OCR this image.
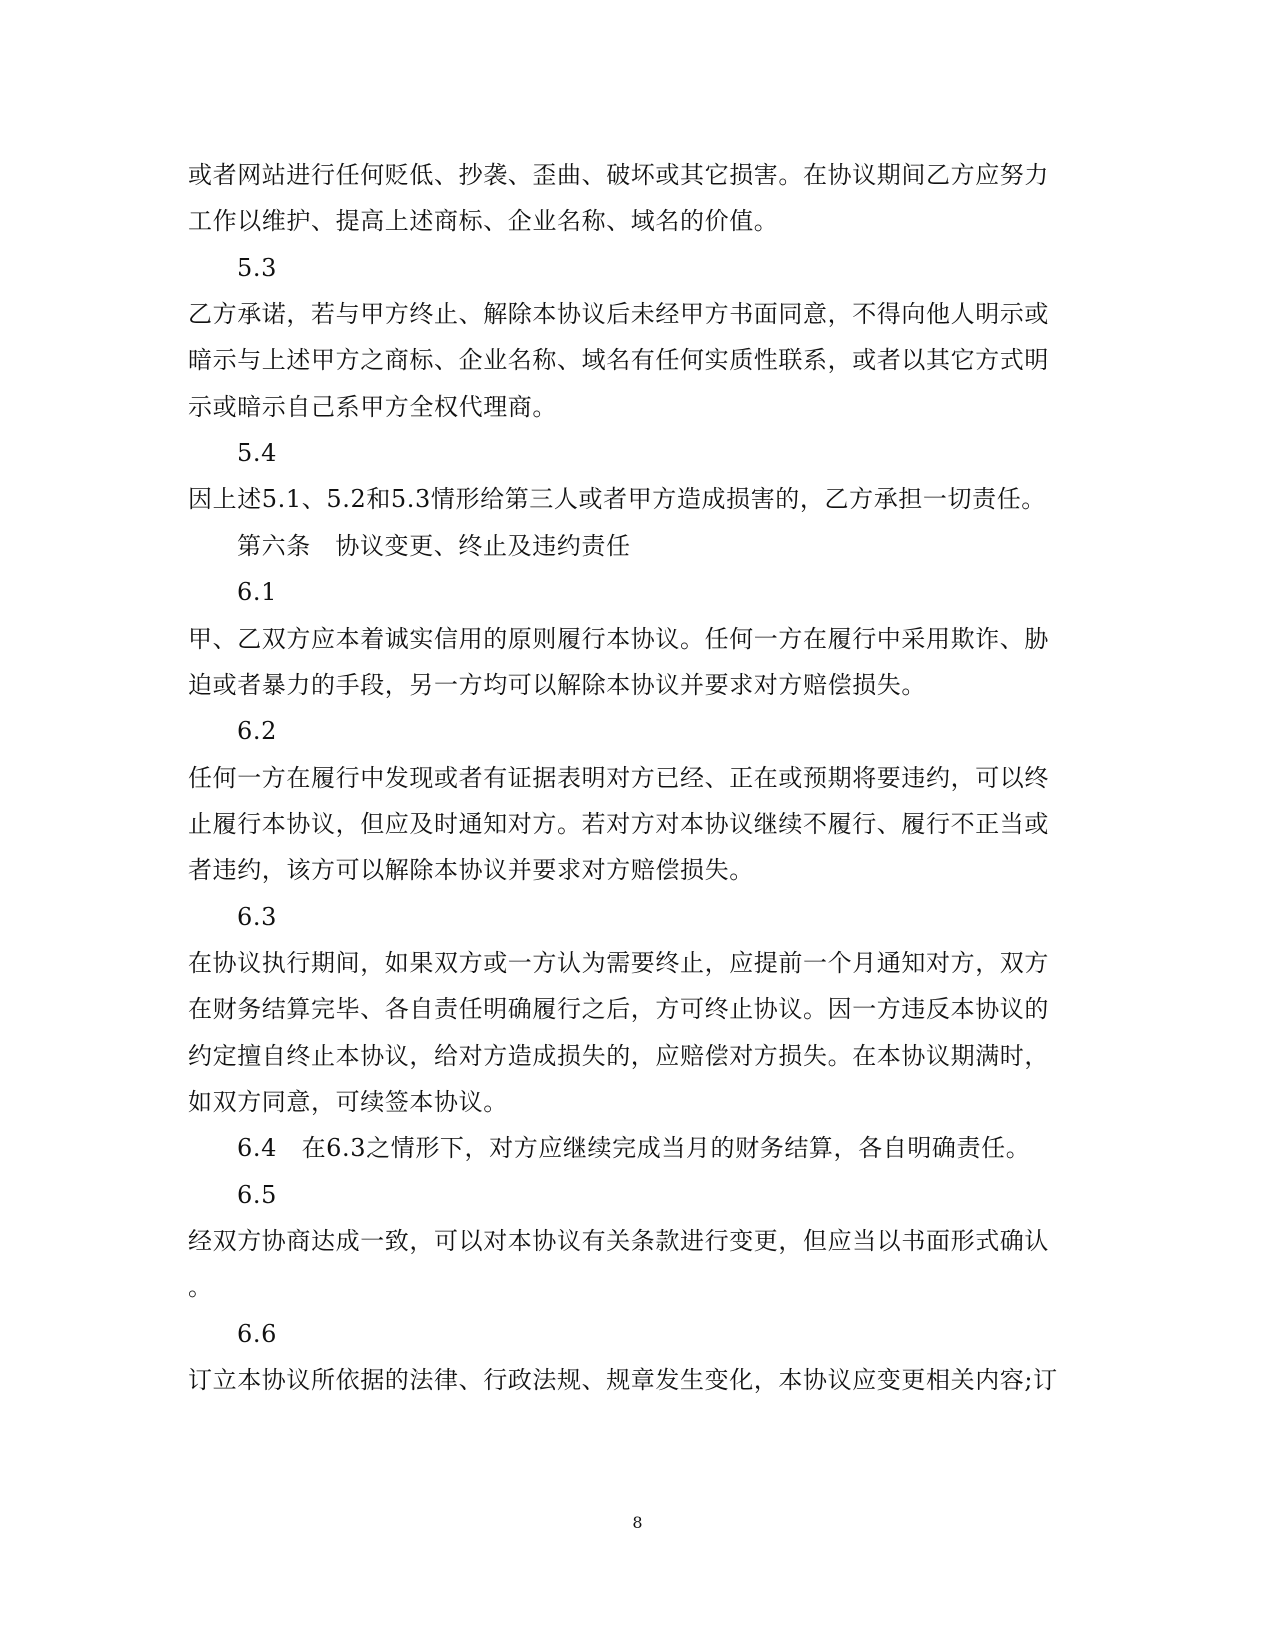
或者网站进行任何贬低、抄袭、歪曲、破坏或其它损害。在协议期间乙方应努力
工作以维护、提高上述商标、企业名称、域名的价值。
5.3
乙方承诺，若与甲方终止、解除本协议后未经甲方书面同意，不得向他人明示或
暗示与上述甲方之商标、企业名称、域名有任何实质性联系，或者以其它方式明
示或暗示自己系甲方全权代理商。
5.4
因上述5.1、5.2和5.3情形给第三人或者甲方造成损害的，乙方承担一切责任。
第六条　协议变更、终止及违约责任
6.1
甲、乙双方应本着诚实信用的原则履行本协议。任何一方在履行中采用欺诈、胁
迫或者暴力的手段，另一方均可以解除本协议并要求对方赔偿损失。
6.2
任何一方在履行中发现或者有证据表明对方已经、正在或预期将要违约，可以终
止履行本协议，但应及时通知对方。若对方对本协议继续不履行、履行不正当或
者违约，该方可以解除本协议并要求对方赔偿损失。
6.3
在协议执行期间，如果双方或一方认为需要终止，应提前一个月通知对方，双方
在财务结算完毕、各自责任明确履行之后，方可终止协议。因一方违反本协议的
约定擅自终止本协议，给对方造成损失的，应赔偿对方损失。在本协议期满时，
如双方同意，可续签本协议。
6.4　在6.3之情形下，对方应继续完成当月的财务结算，各自明确责任。
6.5
经双方协商达成一致，可以对本协议有关条款进行变更，但应当以书面形式确认
。
6.6
订立本协议所依据的法律、行政法规、规章发生变化，本协议应变更相关内容;订
8
